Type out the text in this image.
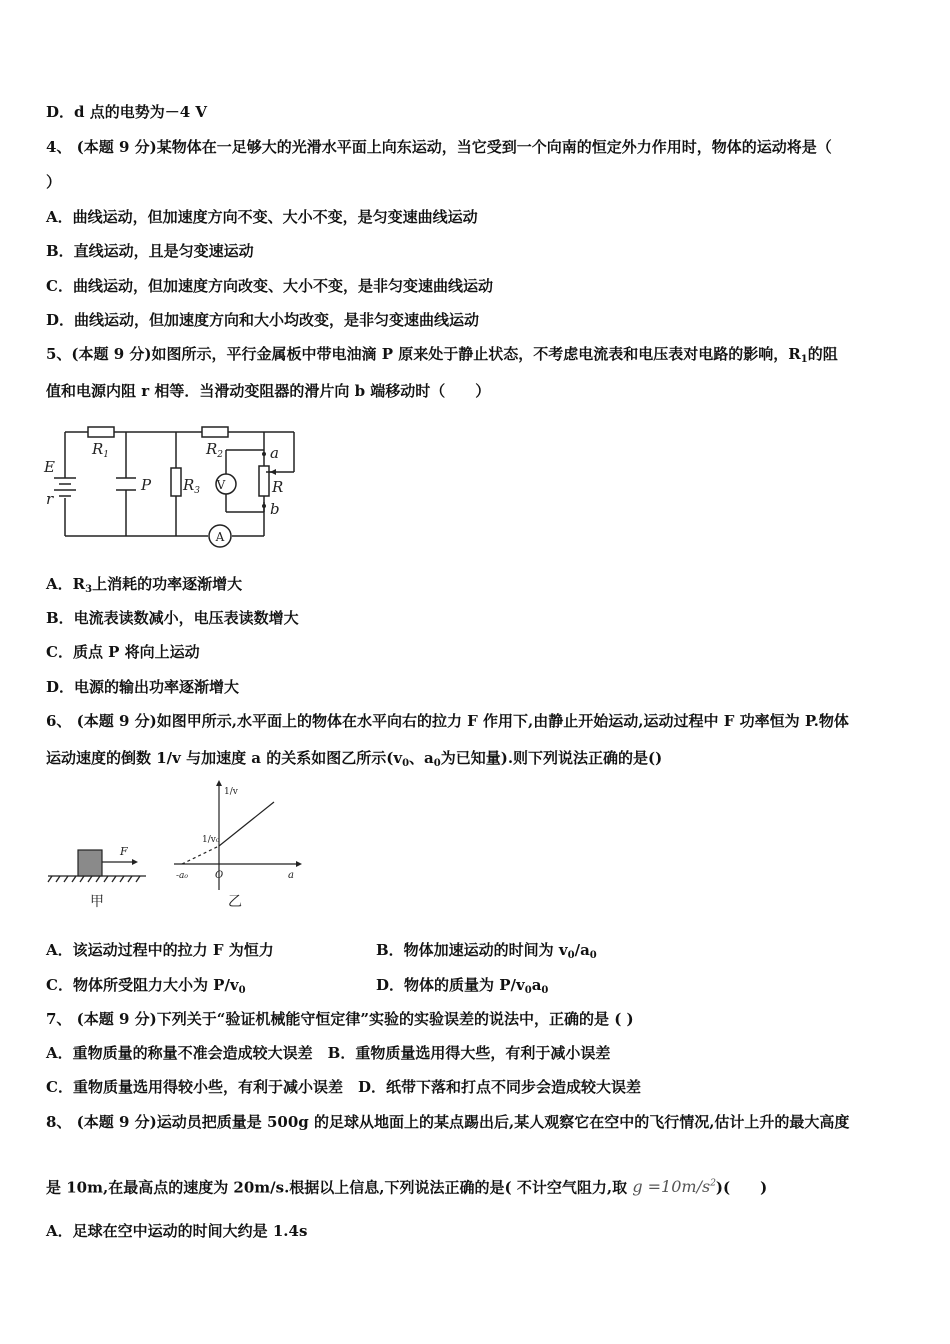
D．d 点的电势为－4 V
4、 (本题 9 分)某物体在一足够大的光滑水平面上向东运动，当它受到一个向南的恒定外力作用时，物体的运动将是（
）
A．曲线运动，但加速度方向不变、大小不变，是匀变速曲线运动
B．直线运动，且是匀变速运动
C．曲线运动，但加速度方向改变、大小不变，是非匀变速曲线运动
D．曲线运动，但加速度方向和大小均改变，是非匀变速曲线运动
5、(本题 9 分)如图所示，平行金属板中带电油滴 P 原来处于静止状态，不考虑电流表和电压表对电路的影响，$R_1$的阻
值和电源内阻 r 相等．当滑动变阻器的滑片向 b 端移动时（　　）
E
r
$R_1$	$R_2$
$R_3$
P	R
a
b
V
A
A．$R_3$上消耗的功率逐渐增大
B．电流表读数减小，电压表读数增大
C．质点 P 将向上运动
D．电源的输出功率逐渐增大
6、 (本题 9 分)如图甲所示,水平面上的物体在水平向右的拉力 F 作用下,由静止开始运动,运动过程中 F 功率恒为 P.物体
运动速度的倒数 1/v 与加速度 a 的关系如图乙所示($v_0$、$a_0$为已知量).则下列说法正确的是()
F
甲
1/v
1/v₀
O
-a₀	a
乙
A．该运动过程中的拉力 F 为恒力	B．物体加速运动的时间为 $v_0/a_0$
C．物体所受阻力大小为 $P/v_0$	D．物体的质量为 $P/v_0a_0$
7、 (本题 9 分)下列关于“验证机械能守恒定律”实验的实验误差的说法中，正确的是 ( )
A．重物质量的称量不准会造成较大误差　B．重物质量选用得大些，有利于减小误差
C．重物质量选用得较小些，有利于减小误差　D．纸带下落和打点不同步会造成较大误差
8、 (本题 9 分)运动员把质量是 500g 的足球从地面上的某点踢出后,某人观察它在空中的飞行情况,估计上升的最大高度
是 10m,在最高点的速度为 20m/s.根据以上信息,下列说法正确的是( 不计空气阻力,取 $g =10m/s^2$)(　　)
A．足球在空中运动的时间大约是 1.4s
